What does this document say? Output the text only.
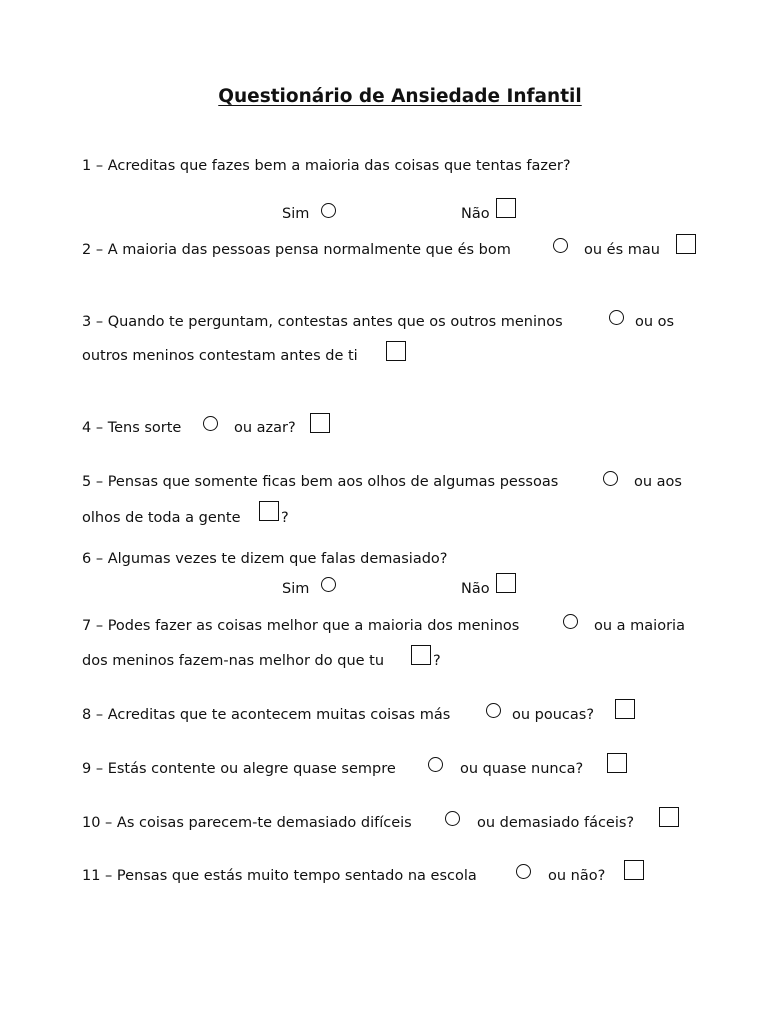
Questionário de Ansiedade Infantil
1 – Acreditas que fazes bem a maioria das coisas que tentas fazer?
Sim	Não
2 – A maioria das pessoas pensa normalmente que és bom	ou és mau
3 – Quando te perguntam, contestas antes que os outros meninos	ou os
outros meninos contestam antes de ti
4 – Tens sorte	ou azar?
5 – Pensas que somente ficas bem aos olhos de algumas pessoas	ou aos
olhos de toda a gente	?
6 – Algumas vezes te dizem que falas demasiado?
Sim	Não
7 – Podes fazer as coisas melhor que a maioria dos meninos	ou a maioria
dos meninos fazem-nas melhor do que tu	?
8 – Acreditas que te acontecem muitas coisas más	ou poucas?
9 – Estás contente ou alegre quase sempre	ou quase nunca?
10 – As coisas parecem-te demasiado difíceis	ou demasiado fáceis?
11 – Pensas que estás muito tempo sentado na escola	ou não?
